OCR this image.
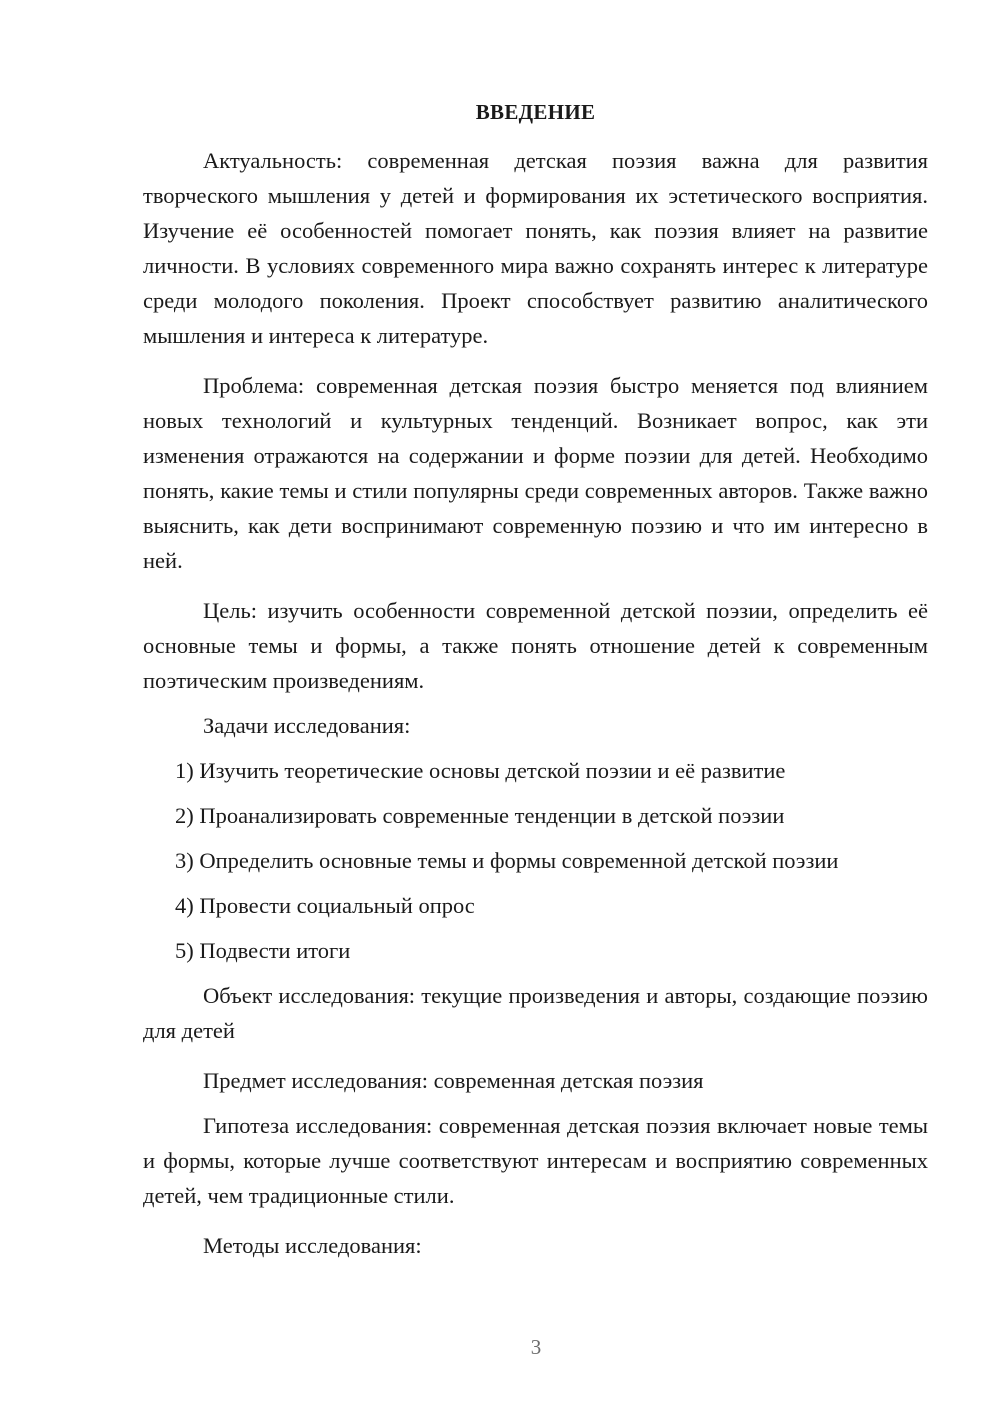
ВВЕДЕНИЕ

Актуальность: современная детская поэзия важна для развития творческого мышления у детей и формирования их эстетического восприятия. Изучение её особенностей помогает понять, как поэзия влияет на развитие личности. В условиях современного мира важно сохранять интерес к литературе среди молодого поколения. Проект способствует развитию аналитического мышления и интереса к литературе.

Проблема: современная детская поэзия быстро меняется под влиянием новых технологий и культурных тенденций. Возникает вопрос, как эти изменения отражаются на содержании и форме поэзии для детей. Необходимо понять, какие темы и стили популярны среди современных авторов. Также важно выяснить, как дети воспринимают современную поэзию и что им интересно в ней.

Цель: изучить особенности современной детской поэзии, определить её основные темы и формы, а также понять отношение детей к современным поэтическим произведениям.

Задачи исследования:
1) Изучить теоретические основы детской поэзии и её развитие
2) Проанализировать современные тенденции в детской поэзии
3) Определить основные темы и формы современной детской поэзии
4) Провести социальный опрос
5) Подвести итоги

Объект исследования: текущие произведения и авторы, создающие поэзию для детей

Предмет исследования: современная детская поэзия

Гипотеза исследования: современная детская поэзия включает новые темы и формы, которые лучше соответствуют интересам и восприятию современных детей, чем традиционные стили.

Методы исследования:
3
